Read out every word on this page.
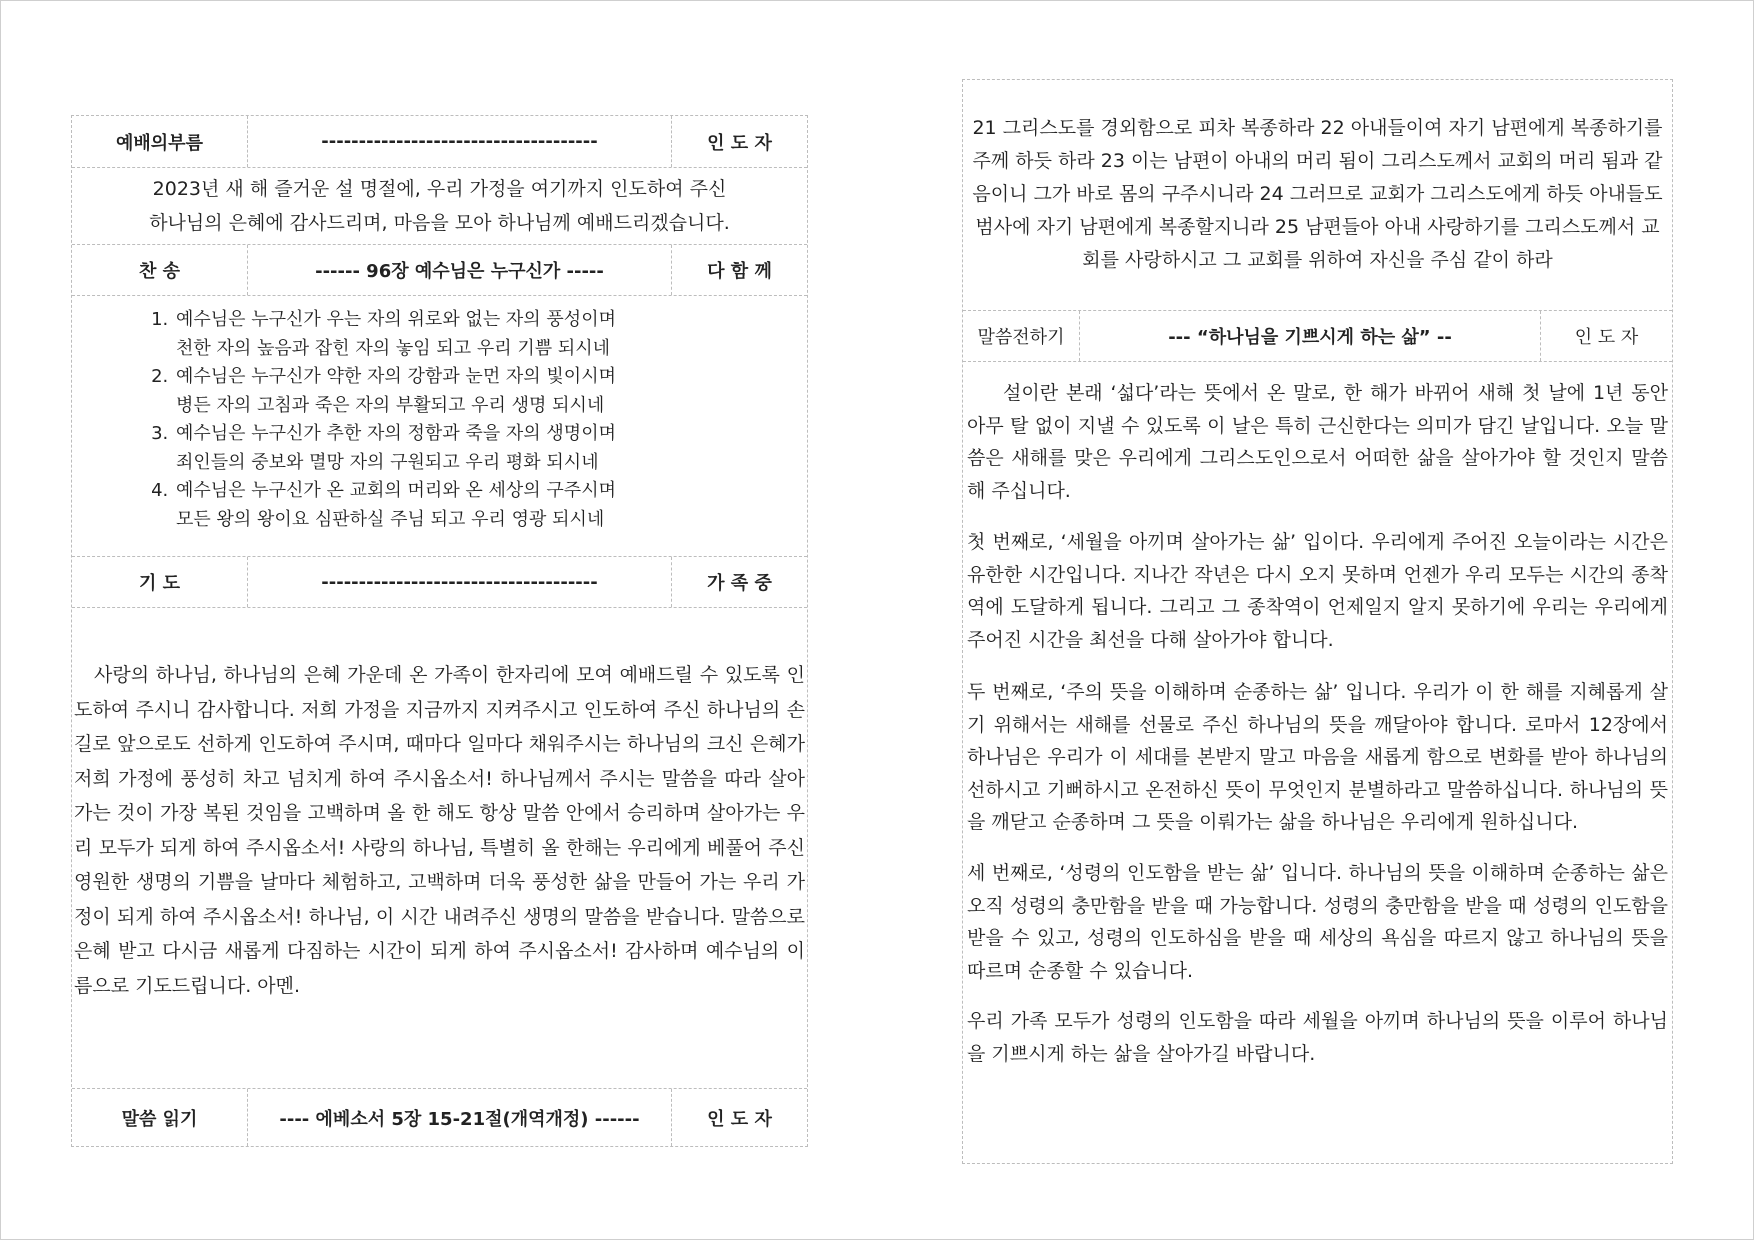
예배의부름	-------------------------------------	인 도 자
2023년 새 해 즐거운 설 명절에, 우리 가정을 여기까지 인도하여 주신
하나님의 은혜에 감사드리며, 마음을 모아 하나님께 예배드리겠습니다.
찬 송	------ 96장 예수님은 누구신가 -----	다 함 께
1. 예수님은 누구신가 우는 자의 위로와 없는 자의 풍성이며
천한 자의 높음과 잡힌 자의 놓임 되고 우리 기쁨 되시네
2. 예수님은 누구신가 약한 자의 강함과 눈먼 자의 빛이시며
병든 자의 고침과 죽은 자의 부활되고 우리 생명 되시네
3. 예수님은 누구신가 추한 자의 정함과 죽을 자의 생명이며
죄인들의 중보와 멸망 자의 구원되고 우리 평화 되시네
4. 예수님은 누구신가 온 교회의 머리와 온 세상의 구주시며
모든 왕의 왕이요 심판하실 주님 되고 우리 영광 되시네
기 도	-------------------------------------	가 족 중

사랑의 하나님, 하나님의 은혜 가운데 온 가족이 한자리에 모여 예배드릴 수 있도록 인도하여 주시니 감사합니다. 저희 가정을 지금까지 지켜주시고 인도하여 주신 하나님의 손길로 앞으로도 선하게 인도하여 주시며, 때마다 일마다 채워주시는 하나님의 크신 은혜가 저희 가정에 풍성히 차고 넘치게 하여 주시옵소서! 하나님께서 주시는 말씀을 따라 살아가는 것이 가장 복된 것임을 고백하며 올 한 해도 항상 말씀 안에서 승리하며 살아가는 우리 모두가 되게 하여 주시옵소서! 사랑의 하나님, 특별히 올 한해는 우리에게 베풀어 주신 영원한 생명의 기쁨을 날마다 체험하고, 고백하며 더욱 풍성한 삶을 만들어 가는 우리 가정이 되게 하여 주시옵소서! 하나님, 이 시간 내려주신 생명의 말씀을 받습니다. 말씀으로 은혜 받고 다시금 새롭게 다짐하는 시간이 되게 하여 주시옵소서! 감사하며 예수님의 이름으로 기도드립니다. 아멘.

말씀 읽기	---- 에베소서 5장 15-21절(개역개정) ------	인 도 자

21 그리스도를 경외함으로 피차 복종하라 22 아내들이여 자기 남편에게 복종하기를 주께 하듯 하라 23 이는 남편이 아내의 머리 됨이 그리스도께서 교회의 머리 됨과 같음이니 그가 바로 몸의 구주시니라 24 그러므로 교회가 그리스도에게 하듯 아내들도 범사에 자기 남편에게 복종할지니라 25 남편들아 아내 사랑하기를 그리스도께서 교회를 사랑하시고 그 교회를 위하여 자신을 주심 같이 하라

말씀전하기	--- “하나님을 기쁘시게 하는 삶” --	인 도 자

설이란 본래 ‘섧다’라는 뜻에서 온 말로, 한 해가 바뀌어 새해 첫 날에 1년 동안 아무 탈 없이 지낼 수 있도록 이 날은 특히 근신한다는 의미가 담긴 날입니다. 오늘 말씀은 새해를 맞은 우리에게 그리스도인으로서 어떠한 삶을 살아가야 할 것인지 말씀해 주십니다.

첫 번째로, ‘세월을 아끼며 살아가는 삶’ 입이다. 우리에게 주어진 오늘이라는 시간은 유한한 시간입니다. 지나간 작년은 다시 오지 못하며 언젠가 우리 모두는 시간의 종착역에 도달하게 됩니다. 그리고 그 종착역이 언제일지 알지 못하기에 우리는 우리에게 주어진 시간을 최선을 다해 살아가야 합니다.

두 번째로, ‘주의 뜻을 이해하며 순종하는 삶’ 입니다. 우리가 이 한 해를 지혜롭게 살기 위해서는 새해를 선물로 주신 하나님의 뜻을 깨달아야 합니다. 로마서 12장에서 하나님은 우리가 이 세대를 본받지 말고 마음을 새롭게 함으로 변화를 받아 하나님의 선하시고 기뻐하시고 온전하신 뜻이 무엇인지 분별하라고 말씀하십니다. 하나님의 뜻을 깨닫고 순종하며 그 뜻을 이뤄가는 삶을 하나님은 우리에게 원하십니다.

세 번째로, ‘성령의 인도함을 받는 삶’ 입니다. 하나님의 뜻을 이해하며 순종하는 삶은 오직 성령의 충만함을 받을 때 가능합니다. 성령의 충만함을 받을 때 성령의 인도함을 받을 수 있고, 성령의 인도하심을 받을 때 세상의 욕심을 따르지 않고 하나님의 뜻을 따르며 순종할 수 있습니다.

우리 가족 모두가 성령의 인도함을 따라 세월을 아끼며 하나님의 뜻을 이루어 하나님을 기쁘시게 하는 삶을 살아가길 바랍니다.
